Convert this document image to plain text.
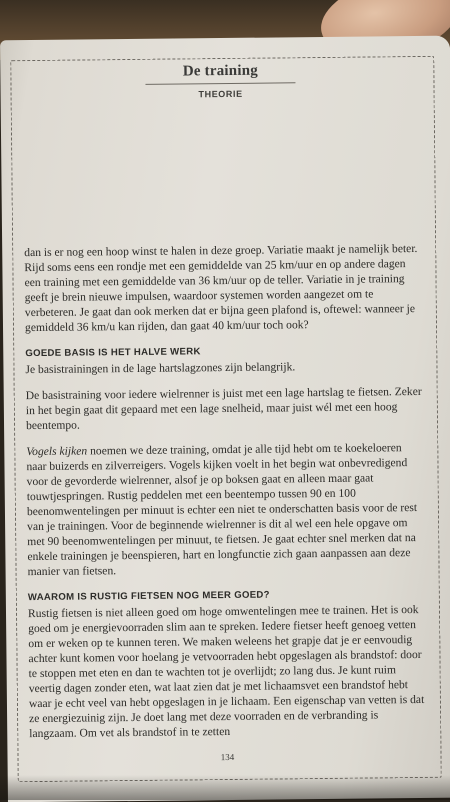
De training
THEORIE

dan is er nog een hoop winst te halen in deze groep. Variatie maakt je namelijk beter. Rijd soms eens een rondje met een gemiddelde van 25 km/uur en op andere dagen een training met een gemiddelde van 36 km/uur op de teller. Variatie in je training geeft je brein nieuwe impulsen, waardoor systemen worden aangezet om te verbeteren. Je gaat dan ook merken dat er bijna geen plafond is, oftewel: wanneer je gemiddeld 36 km/u kan rijden, dan gaat 40 km/uur toch ook?

GOEDE BASIS IS HET HALVE WERK

Je basistrainingen in de lage hartslagzones zijn belangrijk.

De basistraining voor iedere wielrenner is juist met een lage hartslag te fietsen. Zeker in het begin gaat dit gepaard met een lage snelheid, maar juist wél met een hoog beentempo.

Vogels kijken noemen we deze training, omdat je alle tijd hebt om te koekeloeren naar buizerds en zilverreigers. Vogels kijken voelt in het begin wat onbevredigend voor de gevorderde wielrenner, alsof je op boksen gaat en alleen maar gaat touwtjespringen. Rustig peddelen met een beentempo tussen 90 en 100 beenomwentelingen per minuut is echter een niet te onderschatten basis voor de rest van je trainingen. Voor de beginnende wielrenner is dit al wel een hele opgave om met 90 beenomwentelingen per minuut, te fietsen. Je gaat echter snel merken dat na enkele trainingen je beenspieren, hart en longfunctie zich gaan aanpassen aan deze manier van fietsen.

WAAROM IS RUSTIG FIETSEN NOG MEER GOED?

Rustig fietsen is niet alleen goed om hoge omwentelingen mee te trainen. Het is ook goed om je energievoorraden slim aan te spreken. Iedere fietser heeft genoeg vetten om er weken op te kunnen teren. We maken weleens het grapje dat je er eenvoudig achter kunt komen voor hoelang je vetvoorraden hebt opgeslagen als brandstof: door te stoppen met eten en dan te wachten tot je overlijdt; zo lang dus. Je kunt ruim veertig dagen zonder eten, wat laat zien dat je met lichaamsvet een brandstof hebt waar je echt veel van hebt opgeslagen in je lichaam. Een eigenschap van vetten is dat ze energiezuinig zijn. Je doet lang met deze voorraden en de verbranding is langzaam. Om vet als brandstof in te zetten

134
